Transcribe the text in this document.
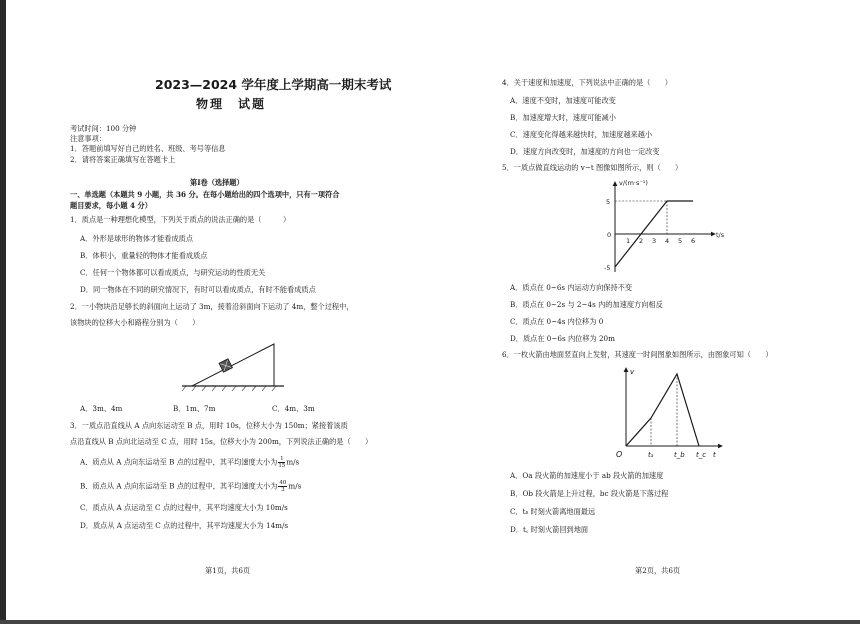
2023—2024 学年度上学期高一期末考试
物理　试题
考试时间：100 分钟
注意事项：
1．答题前填写好自己的姓名、班级、考号等信息
2．请将答案正确填写在答题卡上
第Ⅰ卷（选择题）
一、单选题（本题共 9 小题，共 36 分。在每小题给出的四个选项中，只有一项符合
题目要求，每小题 4 分）
1．质点是一种理想化模型，下列关于质点的说法正确的是（　　　）
A．外形是球形的物体才能看成质点
B．体积小，重量轻的物体才能看成质点
C．任何一个物体都可以看成质点，与研究运动的性质无关
D．同一物体在不同的研究情况下，有时可以看成质点，有时不能看成质点
2．一小物块沿足够长的斜面向上运动了 3m，接着沿斜面向下运动了 4m，整个过程中，
该物块的位移大小和路程分别为（　　）
A．3m、4m	B．1m、7m	C．4m、3m
3．一质点沿直线从 A 点向东运动至 B 点，用时 10s，位移大小为 150m；紧接着该质
点沿直线从 B 点向北运动至 C 点，用时 15s，位移大小为 200m，下列说法正确的是（　　）
A．质点从 A 点向东运动至 B 点的过程中，其平均速度大小为 $\frac{1}{15} m/s$
B．质点从 A 点向东运动至 B 点的过程中，其平均速度大小为 $\frac{40}{3} m/s$
C．质点从 A 点运动至 C 点的过程中，其平均速度大小为 10m/s
D．质点从 A 点运动至 C 点的过程中，其平均速度大小为 14m/s
第1页，共6页
4．关于速度和加速度，下列说法中正确的是（　　）
A．速度不变时，加速度可能改变
B．加速度增大时，速度可能减小
C．速度变化得越来越快时，加速度越来越小
D．速度方向改变时，加速度的方向也一定改变
5．一质点做直线运动的 v−t 图像如图所示，则（　　）
v/(m·s⁻¹)
t/s
0
5
-5
1 2 3 4 5 6
A．质点在 0~6s 内运动方向保持不变
B．质点在 0~2s 与 2~4s 内的加速度方向相反
C．质点在 0~4s 内位移为 0
D．质点在 0~6s 内位移为 20m
6．一枚火箭由地面竖直向上发射，其速度一时间图象如图所示，由图象可知（　　）
v
O	tₐ	t_b t_c t
A．Oa 段火箭的加速度小于 ab 段火箭的加速度
B．Ob 段火箭是上升过程，bc 段火箭是下落过程
C．tᵦ 时刻火箭离地面最远
D．t꜀ 时刻火箭回到地面
第2页，共6页
